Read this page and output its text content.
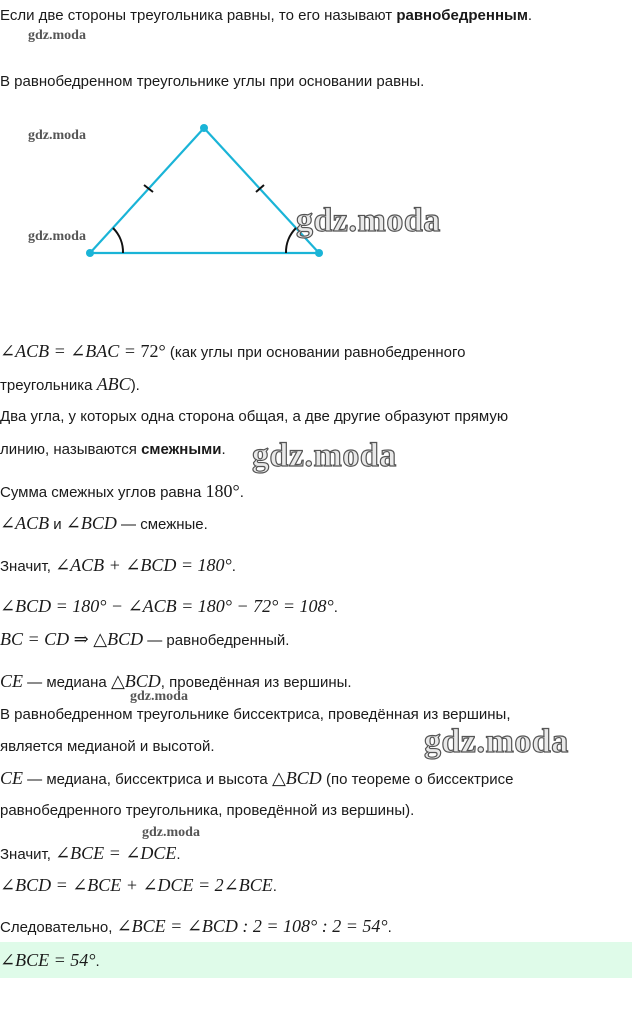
Если две стороны треугольника равны, то его называют равнобедренным.
gdz.moda
В равнобедренном треугольнике углы при основании равны.
gdz.moda
gdz.moda	gdz.moda
∠ACB = ∠BAC = 72° (как углы при основании равнобедренного
треугольника ABC).
Два угла, у которых одна сторона общая, а две другие образуют прямую
линию, называются смежными. gdz.moda
Сумма смежных углов равна 180°.
∠ACB и ∠BCD — смежные.
Значит, ∠ACB + ∠BCD = 180°.
∠BCD = 180° − ∠ACB = 180° − 72° = 108°.
BC = CD ⇒ △BCD — равнобедренный.
CE — медиана △BCD, проведённая из вершины.
gdz.moda
В равнобедренном треугольнике биссектриса, проведённая из вершины,
является медианой и высотой.	gdz.moda
CE — медиана, биссектриса и высота △BCD (по теореме о биссектрисе
равнобедренного треугольника, проведённой из вершины).
gdz.moda
Значит, ∠BCE = ∠DCE.
∠BCD = ∠BCE + ∠DCE = 2∠BCE.
Следовательно, ∠BCE = ∠BCD : 2 = 108° : 2 = 54°.
∠BCE = 54°.
